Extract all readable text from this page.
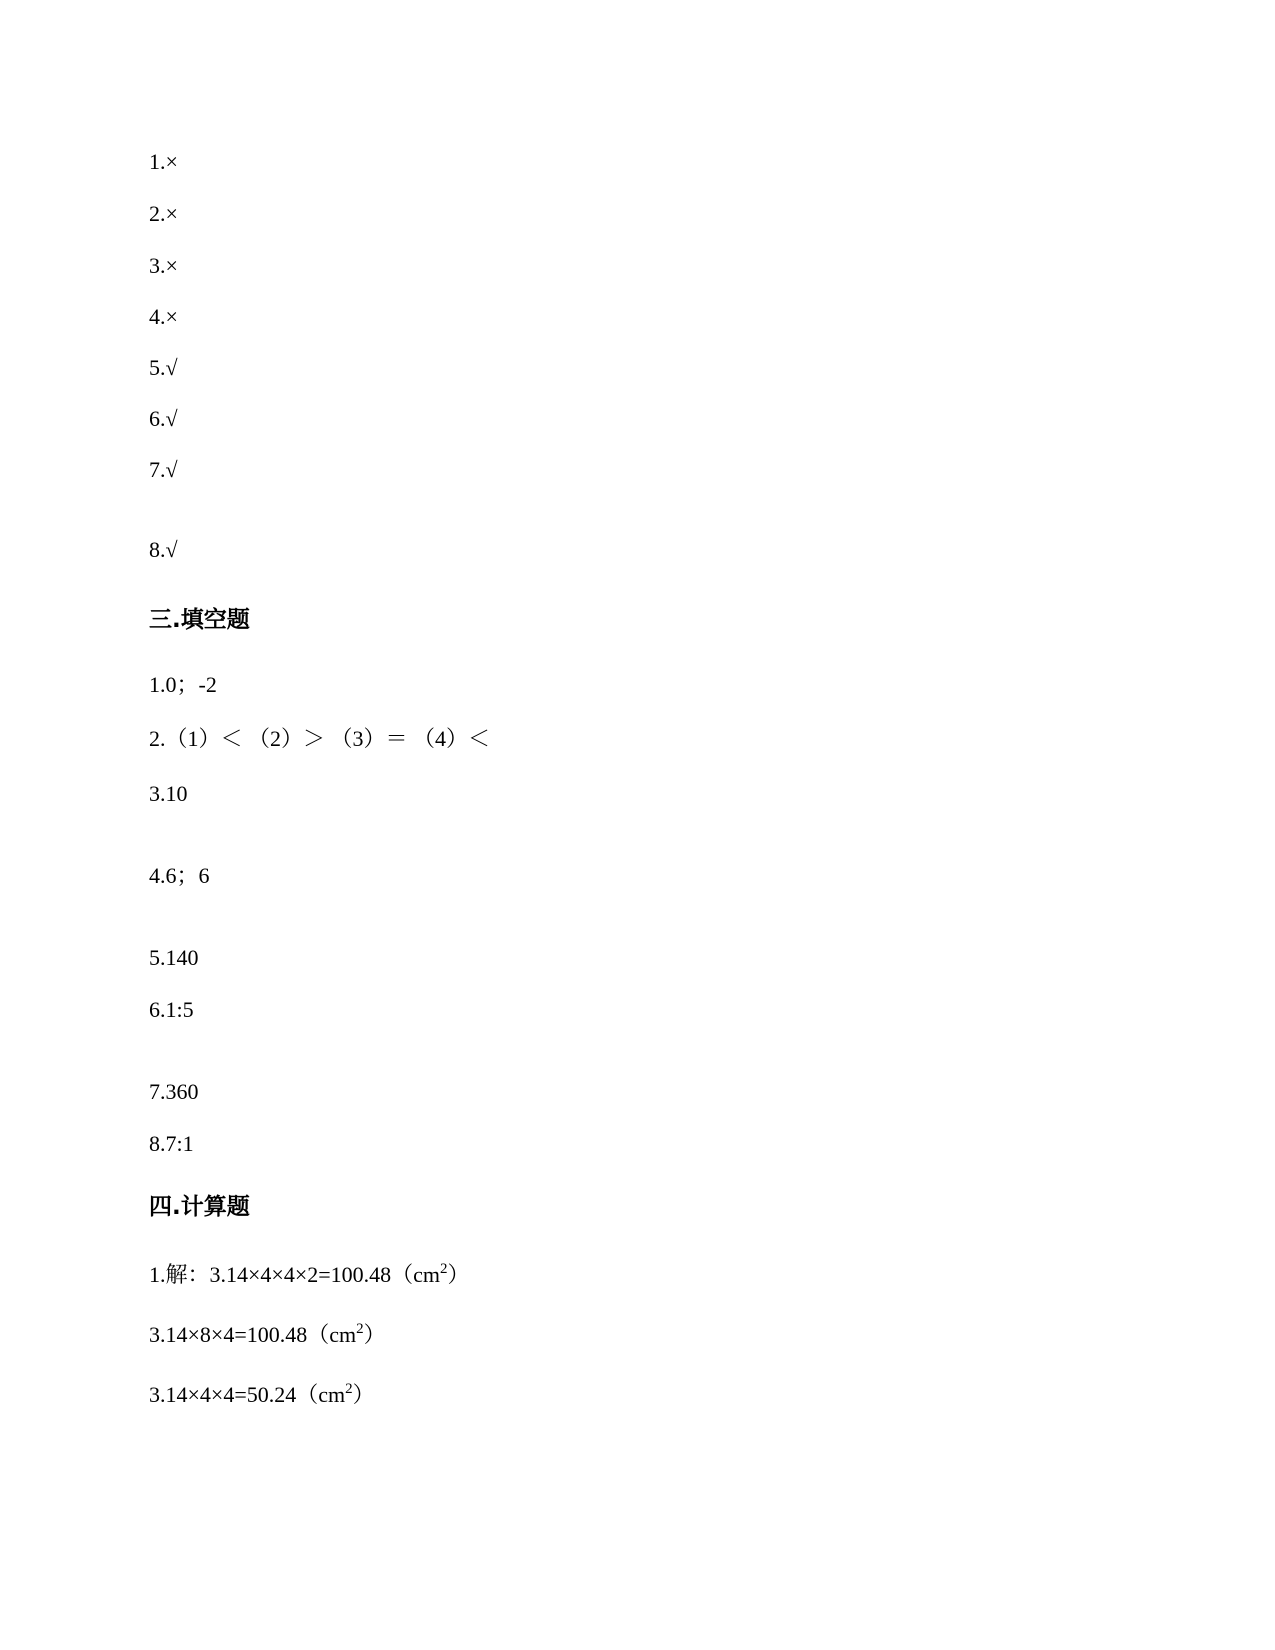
1.×
2.×
3.×
4.×
5.√
6.√
7.√
8.√
三.填空题
1.0；-2
2.（1）＜ （2）＞ （3）＝ （4）＜
3.10
4.6；6
5.140
6.1:5
7.360
8.7:1
四.计算题
1.解：$3.14\times 4\times 4\times 2=100.48(cm^2)$
$3.14\times 8\times 4=100.48(cm^2)$
$3.14\times 4\times 4=50.24(cm^2)$
